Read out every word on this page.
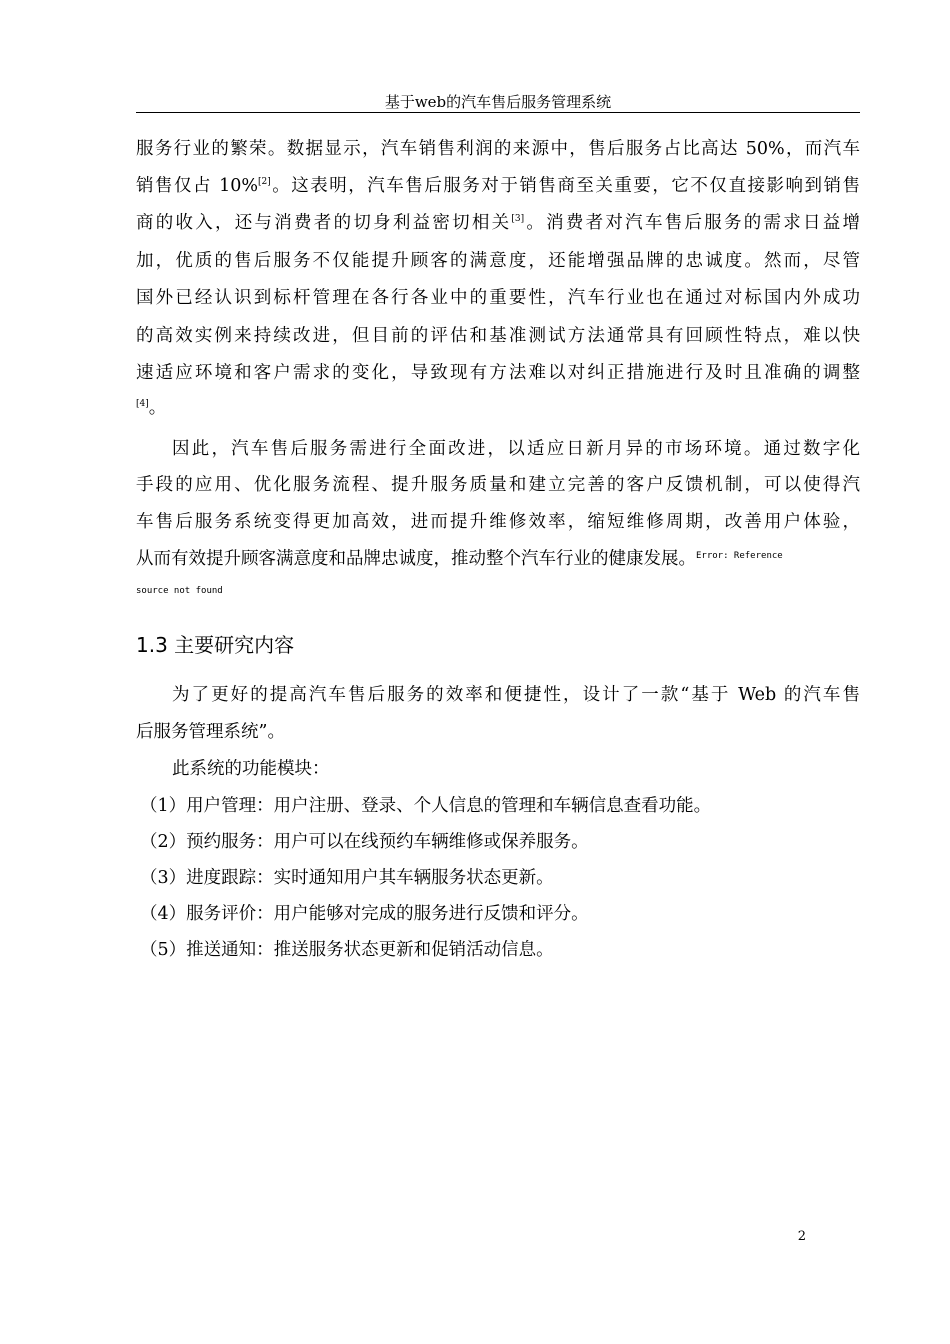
基于web的汽车售后服务管理系统
服务行业的繁荣。数据显示，汽车销售利润的来源中，售后服务占比高达 50%，而汽车
销售仅占 10%[2]。这表明，汽车售后服务对于销售商至关重要，它不仅直接影响到销售
商的收入，还与消费者的切身利益密切相关[3]。消费者对汽车售后服务的需求日益增
加，优质的售后服务不仅能提升顾客的满意度，还能增强品牌的忠诚度。然而，尽管
国外已经认识到标杆管理在各行各业中的重要性，汽车行业也在通过对标国内外成功
的高效实例来持续改进，但目前的评估和基准测试方法通常具有回顾性特点，难以快
速适应环境和客户需求的变化，导致现有方法难以对纠正措施进行及时且准确的调整
[4]。
因此，汽车售后服务需进行全面改进，以适应日新月异的市场环境。通过数字化
手段的应用、优化服务流程、提升服务质量和建立完善的客户反馈机制，可以使得汽
车售后服务系统变得更加高效，进而提升维修效率，缩短维修周期，改善用户体验，
从而有效提升顾客满意度和品牌忠诚度，推动整个汽车行业的健康发展。$^{Error: Reference}$
source not found
1.3 主要研究内容
为了更好的提高汽车售后服务的效率和便捷性，设计了一款“基于 Web 的汽车售
后服务管理系统”。
此系统的功能模块：
（1）用户管理：用户注册、登录、个人信息的管理和车辆信息查看功能。
（2）预约服务：用户可以在线预约车辆维修或保养服务。
（3）进度跟踪：实时通知用户其车辆服务状态更新。
（4）服务评价：用户能够对完成的服务进行反馈和评分。
（5）推送通知：推送服务状态更新和促销活动信息。
2
